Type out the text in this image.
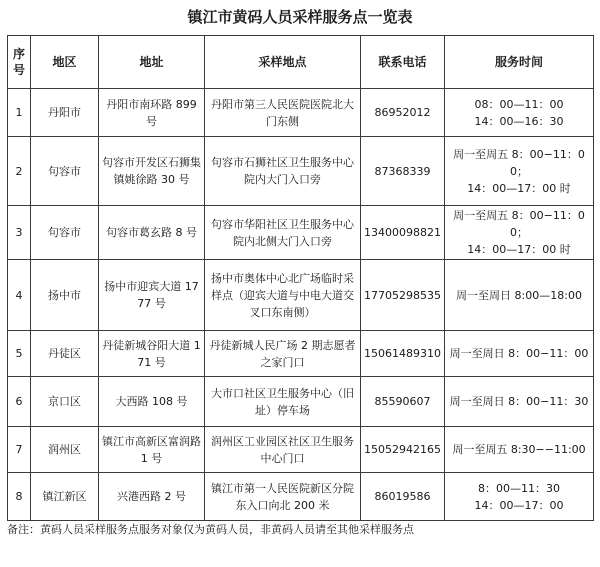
镇江市黄码人员采样服务点一览表
序
号	地区	地址	采样地点	联系电话	服务时间
1	丹阳市	丹阳市南环路 899 号	丹阳市第三人民医院医院北大门东侧	86952012	08：00—11：00
14：00—16：30

2	句容市	句容市开发区石狮集镇姚徐路 30 号	句容市石狮社区卫生服务中心院内大门入口旁	87368339	周一至周五 8：00−11：00；
14：00—17：00 时

3	句容市	句容市葛玄路 8 号	句容市华阳社区卫生服务中心院内北侧大门入口旁	13400098821	周一至周五 8：00−11：00；
14：00—17：00 时

4	扬中市	扬中市迎宾大道 1777 号	扬中市奥体中心北广场临时采样点（迎宾大道与中电大道交叉口东南侧）	17705298535	周一至周日 8:00—18:00
5	丹徒区	丹徒新城谷阳大道 171 号	丹徒新城人民广场 2 期志愿者之家门口	15061489310	周一至周日 8：00−11：00
6	京口区	大西路 108 号	大市口社区卫生服务中心（旧址）停车场	85590607	周一至周日 8：00−11：30
7	润州区	镇江市高新区富润路 1 号	润州区工业园区社区卫生服务中心门口	15052942165	周一至周五 8:30−−11:00
8	镇江新区	兴港西路 2 号	镇江市第一人民医院新区分院东入口向北 200 米	86019586	8：00—11：30
14：00—17：00
备注：黄码人员采样服务点服务对象仅为黄码人员，非黄码人员请至其他采样服务点
